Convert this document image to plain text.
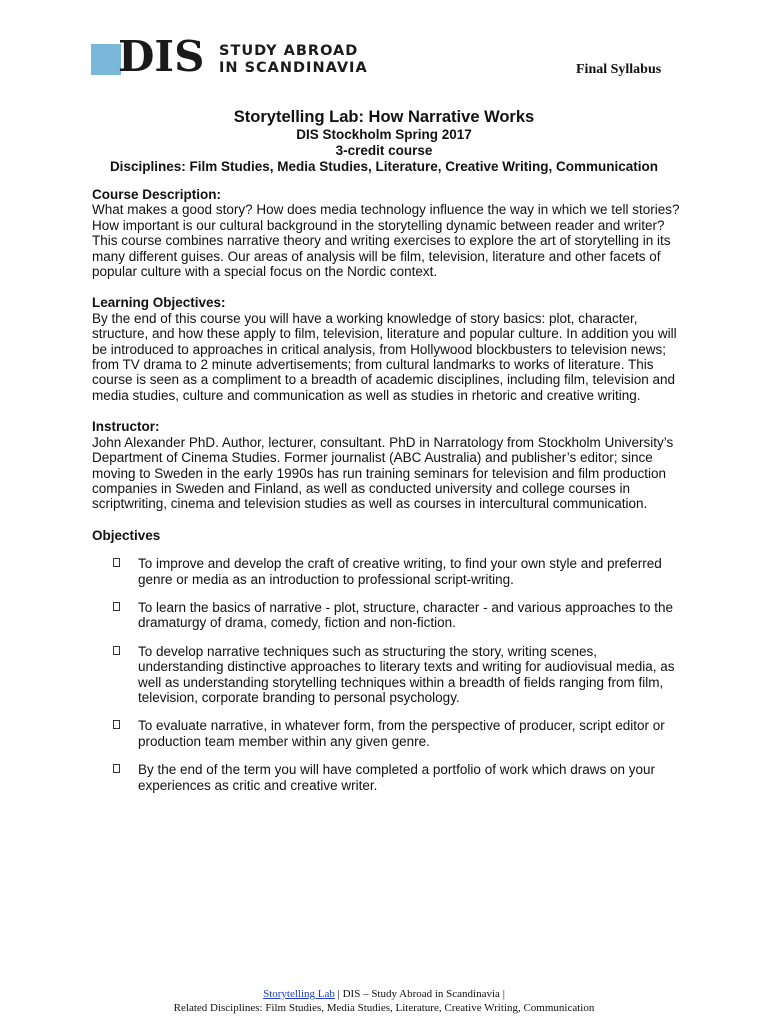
DIS STUDY ABROAD
IN SCANDINAVIA	Final Syllabus
Storytelling Lab: How Narrative Works
DIS Stockholm Spring 2017
3-credit course
Disciplines: Film Studies, Media Studies, Literature, Creative Writing, Communication
Course Description:
What makes a good story? How does media technology influence the way in which we tell stories? How important is our cultural background in the storytelling dynamic between reader and writer? This course combines narrative theory and writing exercises to explore the art of storytelling in its many different guises. Our areas of analysis will be film, television, literature and other facets of popular culture with a special focus on the Nordic context.
Learning Objectives:
By the end of this course you will have a working knowledge of story basics: plot, character, structure, and how these apply to film, television, literature and popular culture. In addition you will be introduced to approaches in critical analysis, from Hollywood blockbusters to television news; from TV drama to 2 minute advertisements; from cultural landmarks to works of literature. This course is seen as a compliment to a breadth of academic disciplines, including film, television and media studies, culture and communication as well as studies in rhetoric and creative writing.
Instructor:
John Alexander PhD. Author, lecturer, consultant. PhD in Narratology from Stockholm University’s Department of Cinema Studies. Former journalist (ABC Australia) and publisher’s editor; since moving to Sweden in the early 1990s has run training seminars for television and film production companies in Sweden and Finland, as well as conducted university and college courses in scriptwriting, cinema and television studies as well as courses in intercultural communication.
Objectives
To improve and develop the craft of creative writing, to find your own style and preferred genre or media as an introduction to professional script-writing.
To learn the basics of narrative - plot, structure, character - and various approaches to the dramaturgy of drama, comedy, fiction and non-fiction.
To develop narrative techniques such as structuring the story, writing scenes, understanding distinctive approaches to literary texts and writing for audiovisual media, as well as understanding storytelling techniques within a breadth of fields ranging from film, television, corporate branding to personal psychology.
To evaluate narrative, in whatever form, from the perspective of producer, script editor or production team member within any given genre.
By the end of the term you will have completed a portfolio of work which draws on your experiences as critic and creative writer.
Storytelling Lab | DIS – Study Abroad in Scandinavia |
Related Disciplines: Film Studies, Media Studies, Literature, Creative Writing, Communication
